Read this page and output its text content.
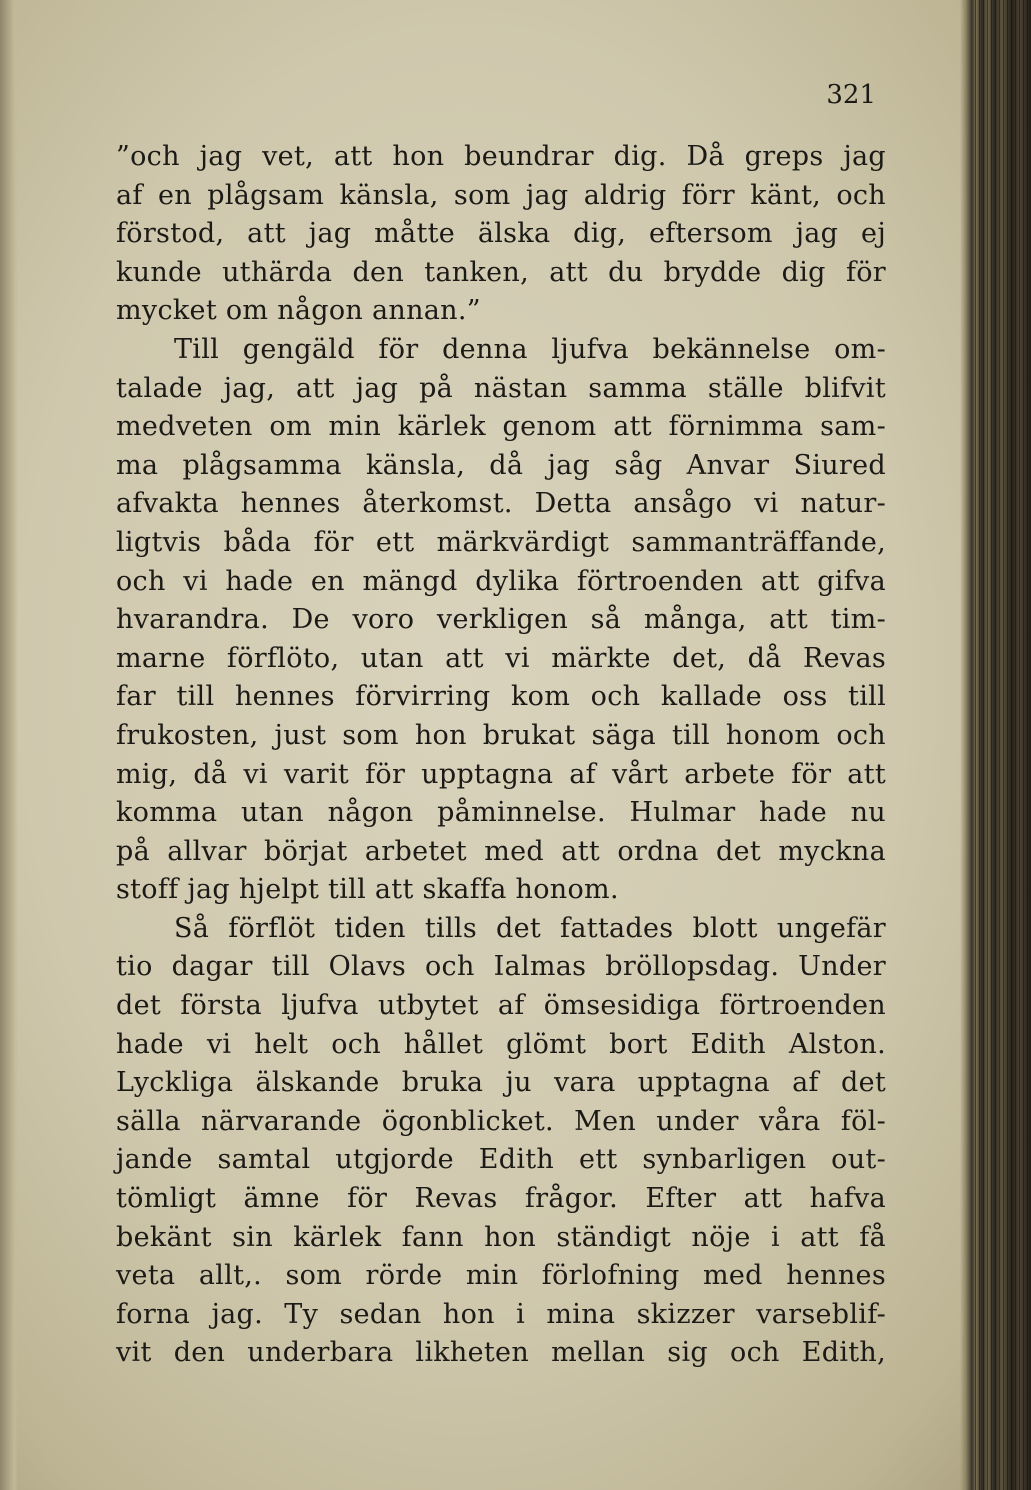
321
”och jag vet, att hon beundrar dig. Då greps jag
af en plågsam känsla, som jag aldrig förr känt, och
förstod, att jag måtte älska dig, eftersom jag ej
kunde uthärda den tanken, att du brydde dig för
mycket om någon annan.”
Till gengäld för denna ljufva bekännelse om-
talade jag, att jag på nästan samma ställe blifvit
medveten om min kärlek genom att förnimma sam-
ma plågsamma känsla, då jag såg Anvar Siured
afvakta hennes återkomst. Detta ansågo vi natur-
ligtvis båda för ett märkvärdigt sammanträffande,
och vi hade en mängd dylika förtroenden att gifva
hvarandra. De voro verkligen så många, att tim-
marne förflöto, utan att vi märkte det, då Revas
far till hennes förvirring kom och kallade oss till
frukosten, just som hon brukat säga till honom och
mig, då vi varit för upptagna af vårt arbete för att
komma utan någon påminnelse. Hulmar hade nu
på allvar börjat arbetet med att ordna det myckna
stoff jag hjelpt till att skaffa honom.
Så förflöt tiden tills det fattades blott ungefär
tio dagar till Olavs och Ialmas bröllopsdag. Under
det första ljufva utbytet af ömsesidiga förtroenden
hade vi helt och hållet glömt bort Edith Alston.
Lyckliga älskande bruka ju vara upptagna af det
sälla närvarande ögonblicket. Men under våra föl-
jande samtal utgjorde Edith ett synbarligen out-
tömligt ämne för Revas frågor. Efter att hafva
bekänt sin kärlek fann hon ständigt nöje i att få
veta allt,. som rörde min förlofning med hennes
forna jag. Ty sedan hon i mina skizzer varseblif-
vit den underbara likheten mellan sig och Edith,
